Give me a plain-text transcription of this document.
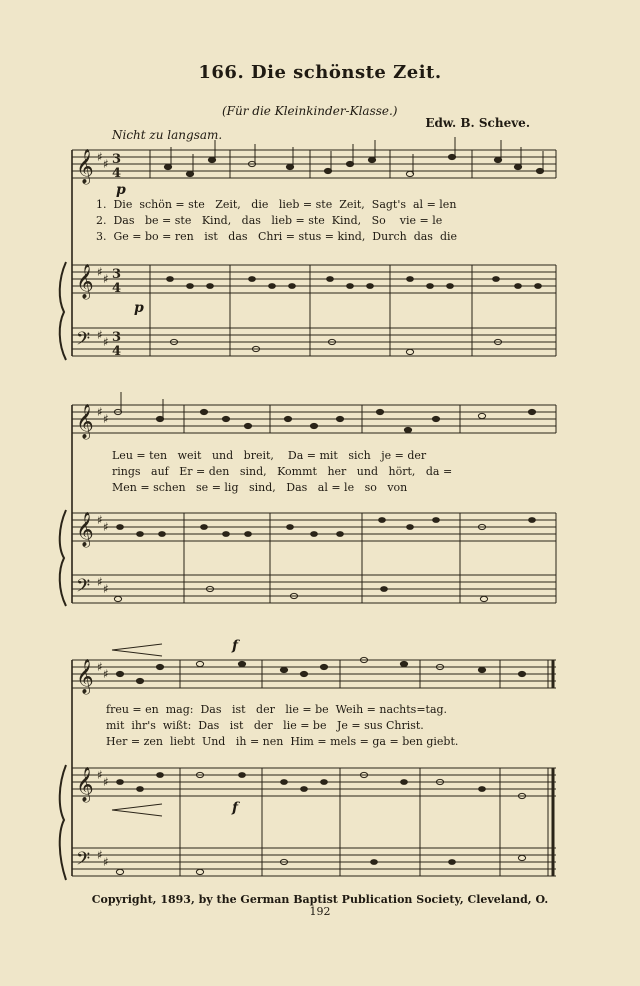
𝄞
𝄞
𝄢
♯ ♯
♯ ♯
♯ ♯
3
4
3
4
3
4
𝄞
𝄞
𝄢
♯ ♯
♯ ♯
♯ ♯
𝄞
𝄞
𝄢
♯ ♯
♯ ♯
♯ ♯
166. Die schönste Zeit.
(Für die Kleinkinder-Klasse.)
Edw. B. Scheve.
Nicht zu langsam.
p
p
f
f
1.  Die  schön = ste   Zeit,   die   lieb = ste  Zeit,  Sagt's  al = len
2.  Das   be = ste   Kind,   das   lieb = ste  Kind,   So    vie = le
3.  Ge = bo = ren   ist   das   Chri = stus = kind,  Durch  das  die
Leu = ten   weit   und   breit,    Da = mit   sich   je = der
rings   auf   Er = den   sind,   Kommt   her   und   hört,   da =
Men = schen   se = lig   sind,   Das   al = le   so   von
freu = en  mag:  Das   ist   der   lie = be  Weih = nachts=tag.
mit  ihr's  wißt:  Das   ist   der   lie = be   Je = sus Christ.
Her = zen  liebt  Und   ih = nen  Him = mels = ga = ben giebt.
Copyright, 1893, by the German Baptist Publication Society, Cleveland, O.
192
